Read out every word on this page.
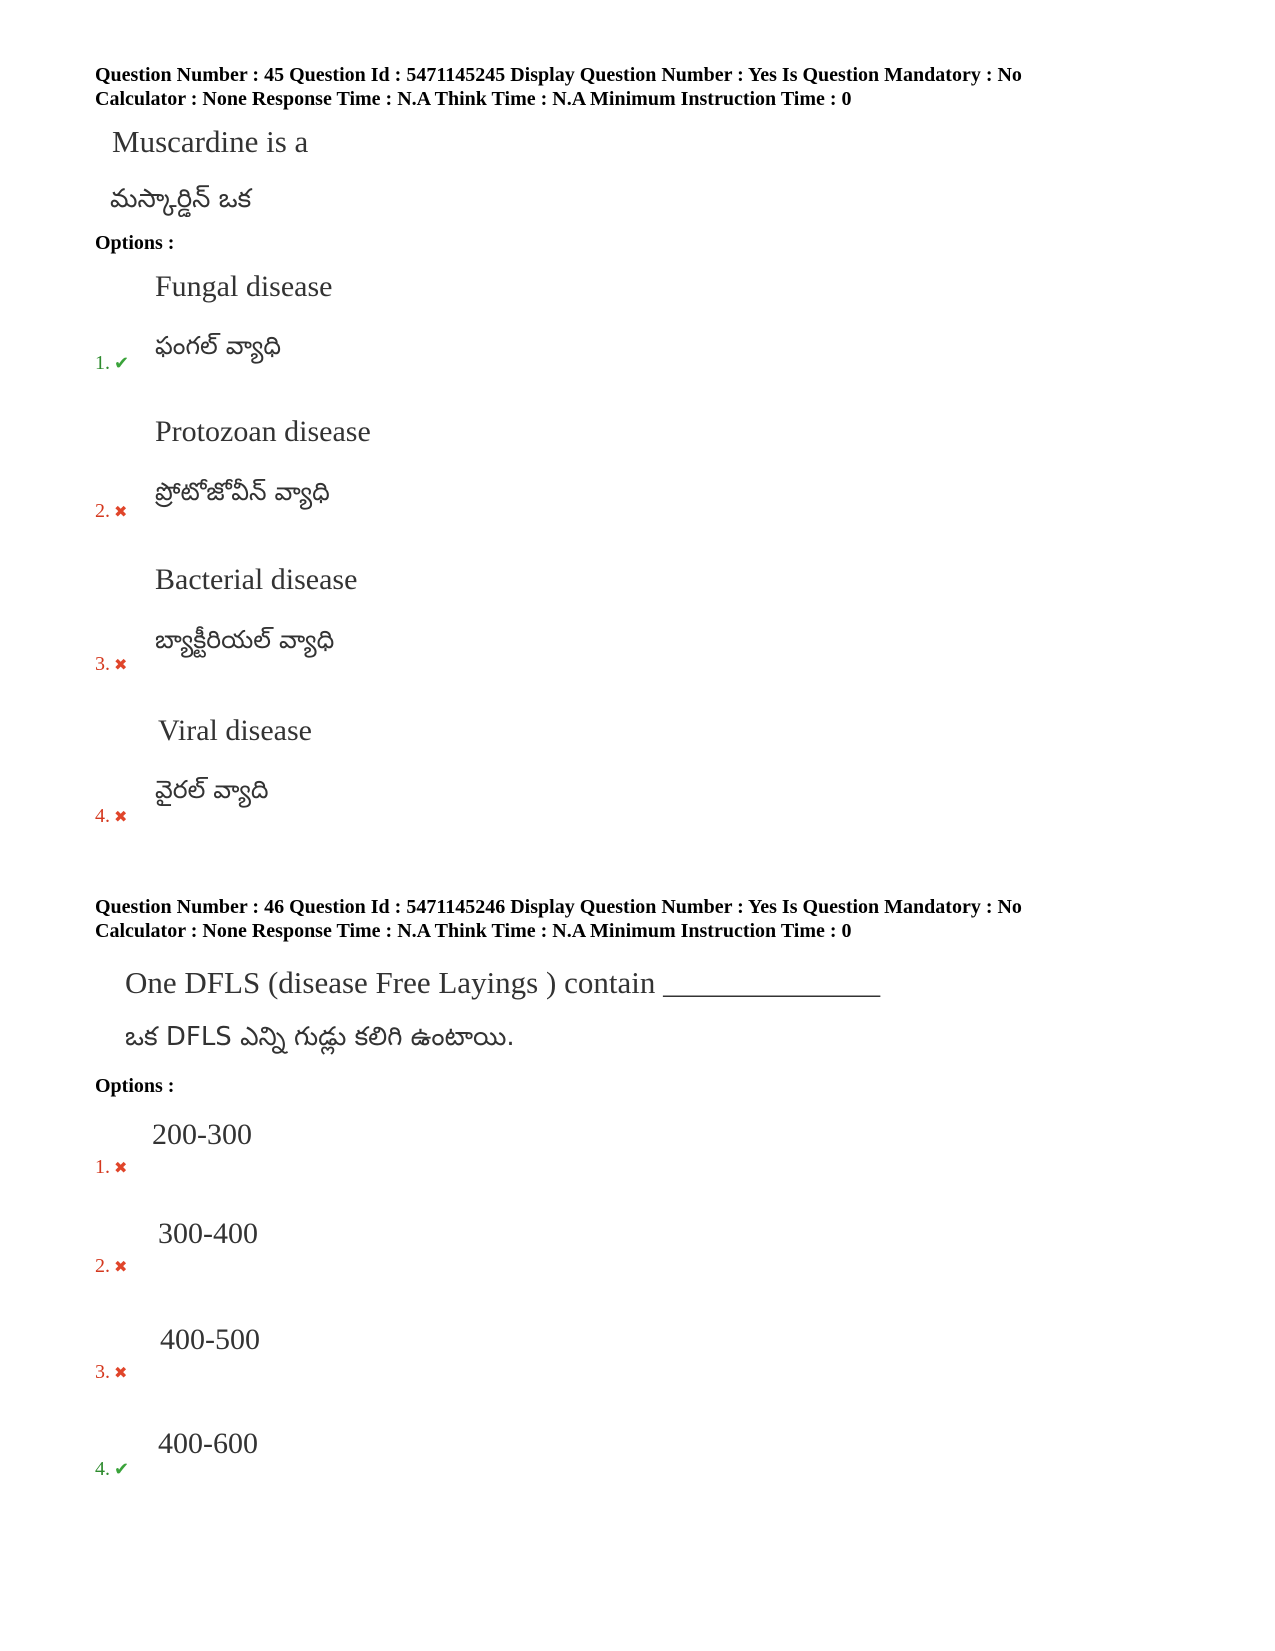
Question Number : 45 Question Id : 5471145245 Display Question Number : Yes Is Question Mandatory : No
Calculator : None Response Time : N.A Think Time : N.A Minimum Instruction Time : 0
Muscardine is a
మస్కార్డిన్ ఒక
Options :
Fungal disease
ఫంగల్ వ్యాధి
1. ✔
Protozoan disease
ప్రోటోజోవీన్ వ్యాధి
2. ✖
Bacterial disease
బ్యాక్టీరియల్ వ్యాధి
3. ✖
Viral disease
వైరల్ వ్యాది
4. ✖
Question Number : 46 Question Id : 5471145246 Display Question Number : Yes Is Question Mandatory : No
Calculator : None Response Time : N.A Think Time : N.A Minimum Instruction Time : 0
One DFLS (disease Free Layings ) contain ______________
ఒక DFLS ఎన్ని గుడ్లు కలిగి ఉంటాయి.
Options :
200-300
1. ✖
300-400
2. ✖
400-500
3. ✖
400-600
4. ✔
